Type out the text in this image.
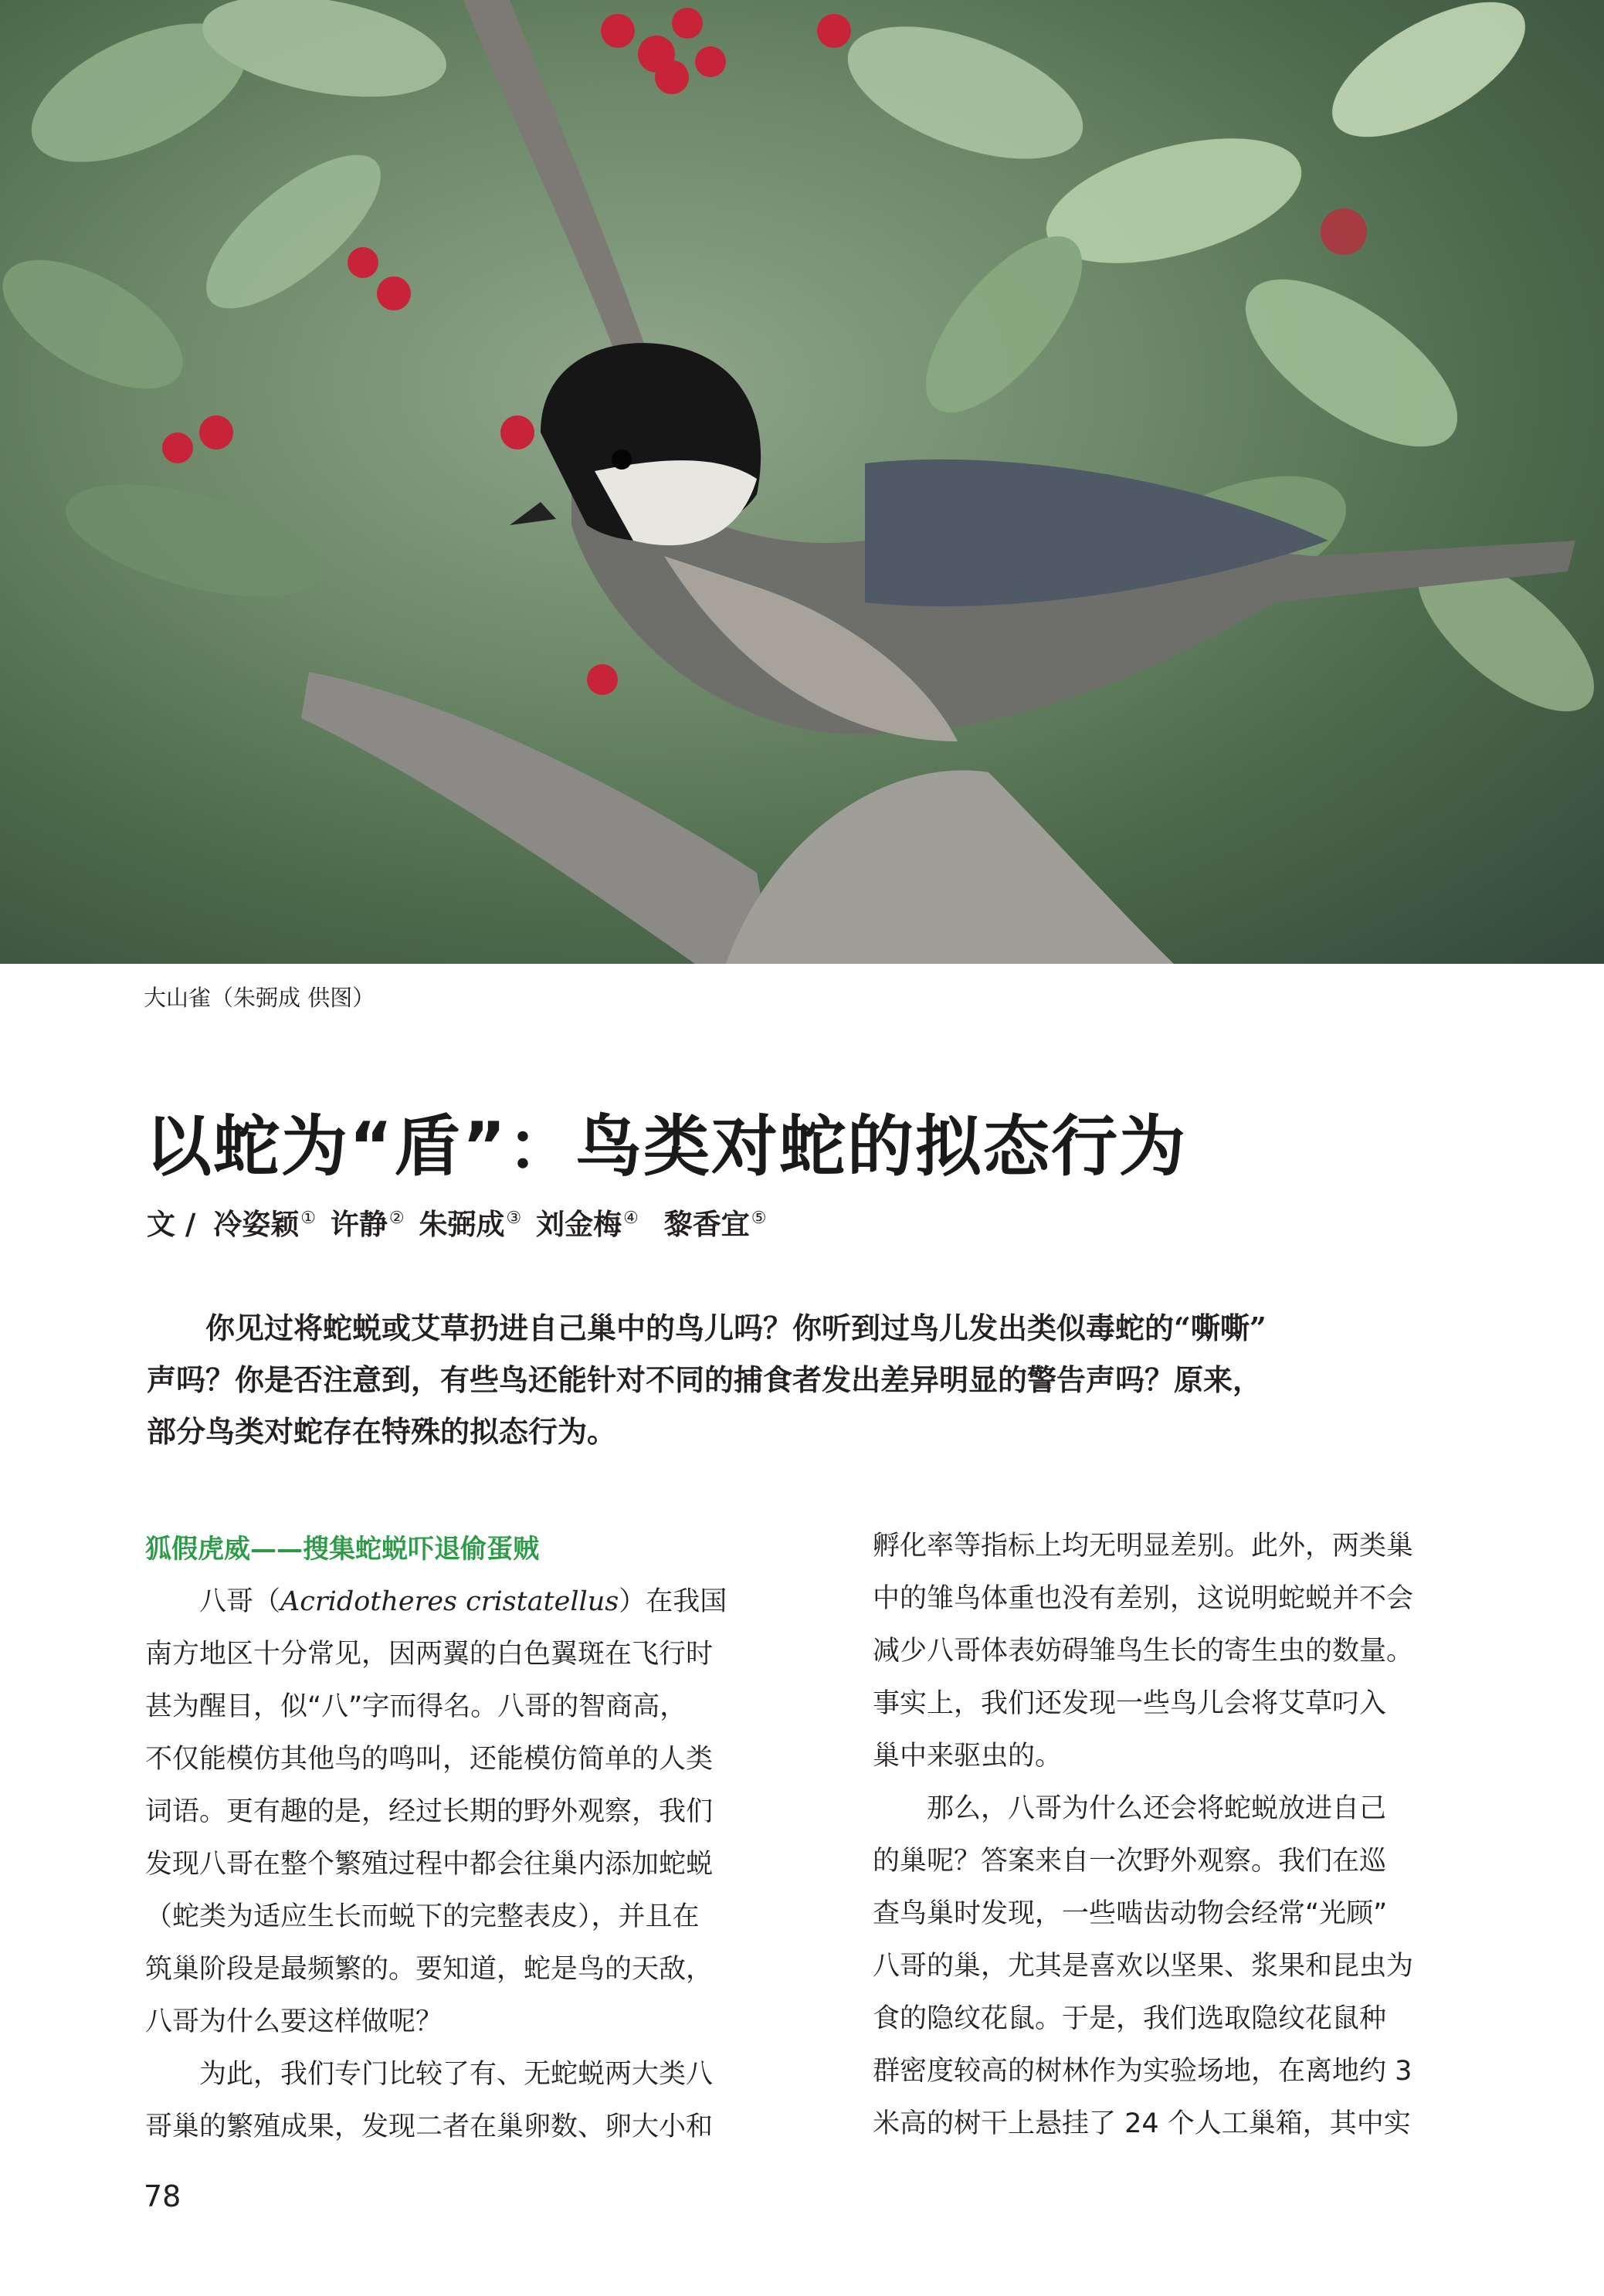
大山雀（朱弼成 供图）
以蛇为“盾”：鸟类对蛇的拟态行为
文 / 冷姿颖① 许静② 朱弼成③ 刘金梅④ 黎香宜⑤
你见过将蛇蜕或艾草扔进自己巢中的鸟儿吗？你听到过鸟儿发出类似毒蛇的“嘶嘶”
声吗？你是否注意到，有些鸟还能针对不同的捕食者发出差异明显的警告声吗？原来，
部分鸟类对蛇存在特殊的拟态行为。
狐假虎威——搜集蛇蜕吓退偷蛋贼
八哥（Acridotheres cristatellus）在我国
南方地区十分常见，因两翼的白色翼斑在飞行时
甚为醒目，似“八”字而得名。八哥的智商高，
不仅能模仿其他鸟的鸣叫，还能模仿简单的人类
词语。更有趣的是，经过长期的野外观察，我们
发现八哥在整个繁殖过程中都会往巢内添加蛇蜕
（蛇类为适应生长而蜕下的完整表皮），并且在
筑巢阶段是最频繁的。要知道，蛇是鸟的天敌，
八哥为什么要这样做呢？
为此，我们专门比较了有、无蛇蜕两大类八
哥巢的繁殖成果，发现二者在巢卵数、卵大小和
孵化率等指标上均无明显差别。此外，两类巢
中的雏鸟体重也没有差别，这说明蛇蜕并不会
减少八哥体表妨碍雏鸟生长的寄生虫的数量。
事实上，我们还发现一些鸟儿会将艾草叼入
巢中来驱虫的。
那么，八哥为什么还会将蛇蜕放进自己
的巢呢？答案来自一次野外观察。我们在巡
查鸟巢时发现，一些啮齿动物会经常“光顾”
八哥的巢，尤其是喜欢以坚果、浆果和昆虫为
食的隐纹花鼠。于是，我们选取隐纹花鼠种
群密度较高的树林作为实验场地，在离地约 3
米高的树干上悬挂了 24 个人工巢箱，其中实
78
